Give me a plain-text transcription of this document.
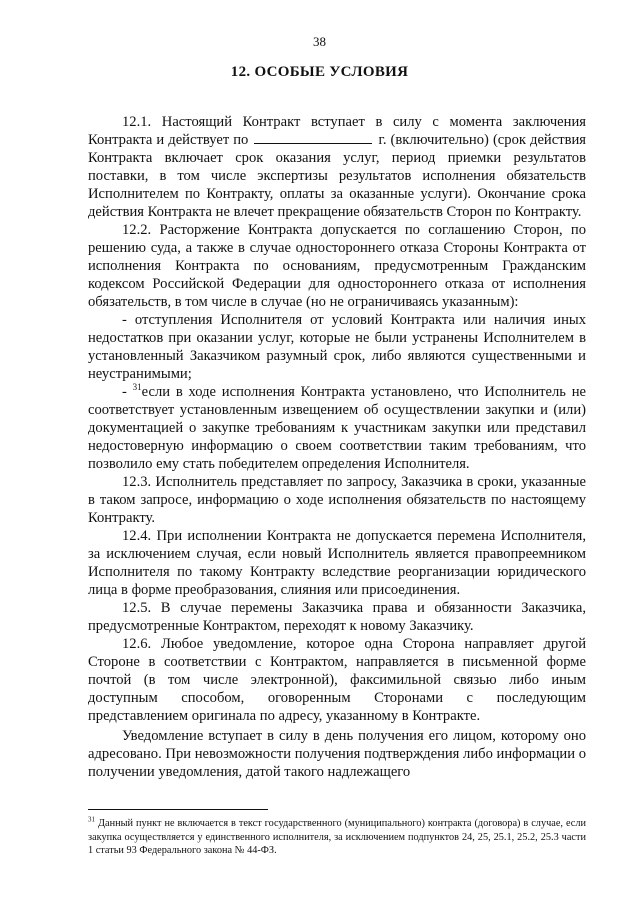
38
12. ОСОБЫЕ УСЛОВИЯ

12.1. Настоящий Контракт вступает в силу с момента заключения Контракта и действует по	г. (включительно) (срок действия Контракта включает срок оказания услуг, период приемки результатов поставки, в том числе экспертизы результатов исполнения обязательств Исполнителем по Контракту, оплаты за оказанные услуги). Окончание срока действия Контракта не влечет прекращение обязательств Сторон по Контракту.

12.2. Расторжение Контракта допускается по соглашению Сторон, по решению суда, а также в случае одностороннего отказа Стороны Контракта от исполнения Контракта по основаниям, предусмотренным Гражданским кодексом Российской Федерации для одностороннего отказа от исполнения обязательств, в том числе в случае (но не ограничиваясь указанным):

- отступления Исполнителя от условий Контракта или наличия иных недостатков при оказании услуг, которые не были устранены Исполнителем в установленный Заказчиком разумный срок, либо являются существенными и неустранимыми;

- $^{31}$если в ходе исполнения Контракта установлено, что Исполнитель не соответствует установленным извещением об осуществлении закупки и (или) документацией о закупке требованиям к участникам закупки или представил недостоверную информацию о своем соответствии таким требованиям, что позволило ему стать победителем определения Исполнителя.

12.3. Исполнитель представляет по запросу, Заказчика в сроки, указанные в таком запросе, информацию о ходе исполнения обязательств по настоящему Контракту.

12.4. При исполнении Контракта не допускается перемена Исполнителя, за исключением случая, если новый Исполнитель является правопреемником Исполнителя по такому Контракту вследствие реорганизации юридического лица в форме преобразования, слияния или присоединения.

12.5. В случае перемены Заказчика права и обязанности Заказчика, предусмотренные Контрактом, переходят к новому Заказчику.

12.6. Любое уведомление, которое одна Сторона направляет другой Стороне в соответствии с Контрактом, направляется в письменной форме почтой (в том числе электронной), факсимильной связью либо иным доступным способом, оговоренным Сторонами с последующим представлением оригинала по адресу, указанному в Контракте.

Уведомление вступает в силу в день получения его лицом, которому оно адресовано. При невозможности получения подтверждения либо информации о получении уведомления, датой такого надлежащего

$^{31}$ Данный пункт не включается в текст государственного (муниципального) контракта (договора) в случае, если закупка осуществляется у единственного исполнителя, за исключением подпунктов 24, 25, 25.1, 25.2, 25.3 части 1 статьи 93 Федерального закона № 44-ФЗ.
